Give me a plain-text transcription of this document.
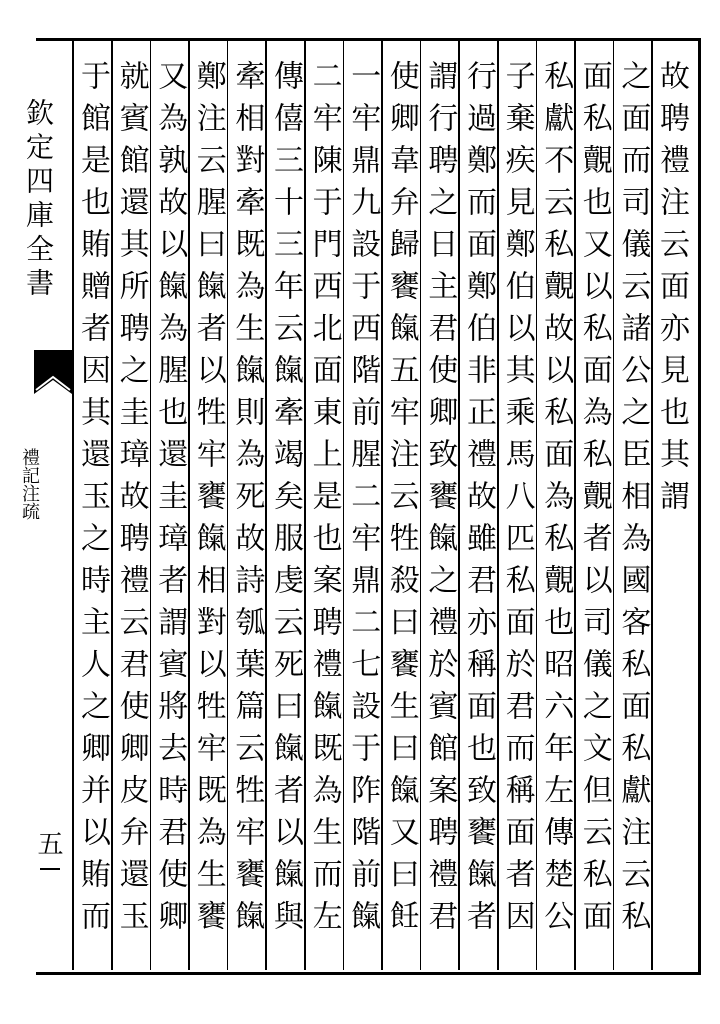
欽定四庫全書
禮記注疏
五
故聘禮注云面亦見也其謂
之面而司儀云諸公之臣相為國客私面私獻注云私
面私覿也又以私面為私覿者以司儀之文但云私面
私獻不云私覿故以私面為私覿也昭六年左傳楚公
子棄疾見鄭伯以其乘馬八匹私面於君而稱面者因
行過鄭而面鄭伯非正禮故雖君亦稱面也致饔餼者
謂行聘之日主君使卿致饔餼之禮於賓館案聘禮君
使卿韋弁歸饔餼五牢注云牲殺曰饔生曰餼又曰飪
一牢鼎九設于西階前腥二牢鼎二七設于阼階前餼
二牢陳于門西北面東上是也案聘禮餼既為生而左
傳僖三十三年云餼牽竭矣服虔云死曰餼者以餼與
牽相對牽既為生餼則為死故詩瓠葉篇云牲牢饔餼
鄭注云腥曰餼者以牲牢饔餼相對以牲牢既為生饔
又為孰故以餼為腥也還圭璋者謂賓將去時君使卿
就賓館還其所聘之圭璋故聘禮云君使卿皮弁還玉
于館是也賄贈者因其還玉之時主人之卿并以賄而
